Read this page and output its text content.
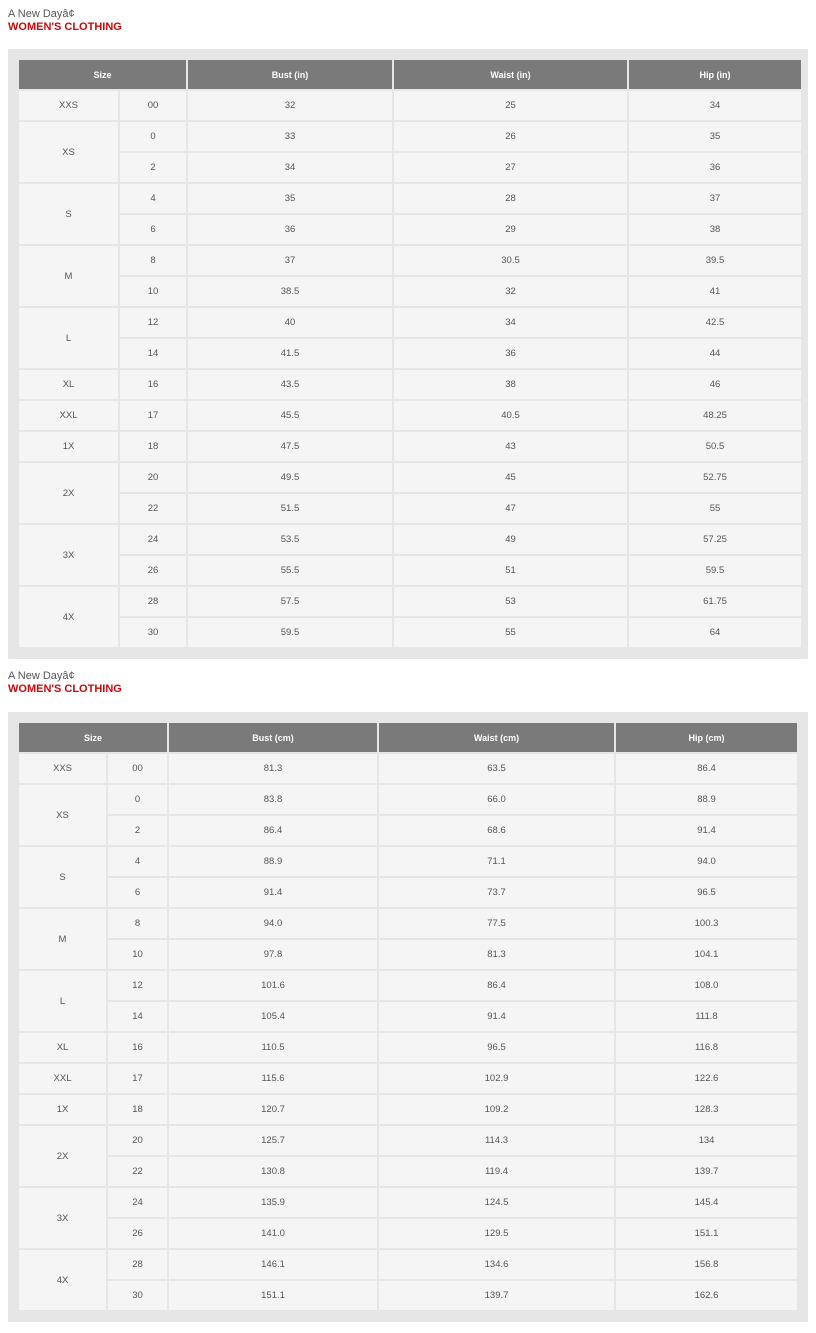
A New Dayâ¢
WOMEN'S CLOTHING
Size		Bust (in)	Waist (in)	Hip (in)
XXS	00	32	25	34
XS	0	33	26	35
	2	34	27	36
S	4	35	28	37
	6	36	29	38
M	8	37	30.5	39.5
	10	38.5	32	41
L	12	40	34	42.5
	14	41.5	36	44
XL	16	43.5	38	46
XXL	17	45.5	40.5	48.25
1X	18	47.5	43	50.5
2X	20	49.5	45	52.75
	22	51.5	47	55
3X	24	53.5	49	57.25
	26	55.5	51	59.5
4X	28	57.5	53	61.75
	30	59.5	55	64
A New Dayâ¢
WOMEN'S CLOTHING
Size		Bust (cm)	Waist (cm)	Hip (cm)
XXS	00	81.3	63.5	86.4
XS	0	83.8	66.0	88.9
	2	86.4	68.6	91.4
S	4	88.9	71.1	94.0
	6	91.4	73.7	96.5
M	8	94.0	77.5	100.3
	10	97.8	81.3	104.1
L	12	101.6	86.4	108.0
	14	105.4	91.4	111.8
XL	16	110.5	96.5	116.8
XXL	17	115.6	102.9	122.6
1X	18	120.7	109.2	128.3
2X	20	125.7	114.3	134
	22	130.8	119.4	139.7
3X	24	135.9	124.5	145.4
	26	141.0	129.5	151.1
4X	28	146.1	134.6	156.8
	30	151.1	139.7	162.6
